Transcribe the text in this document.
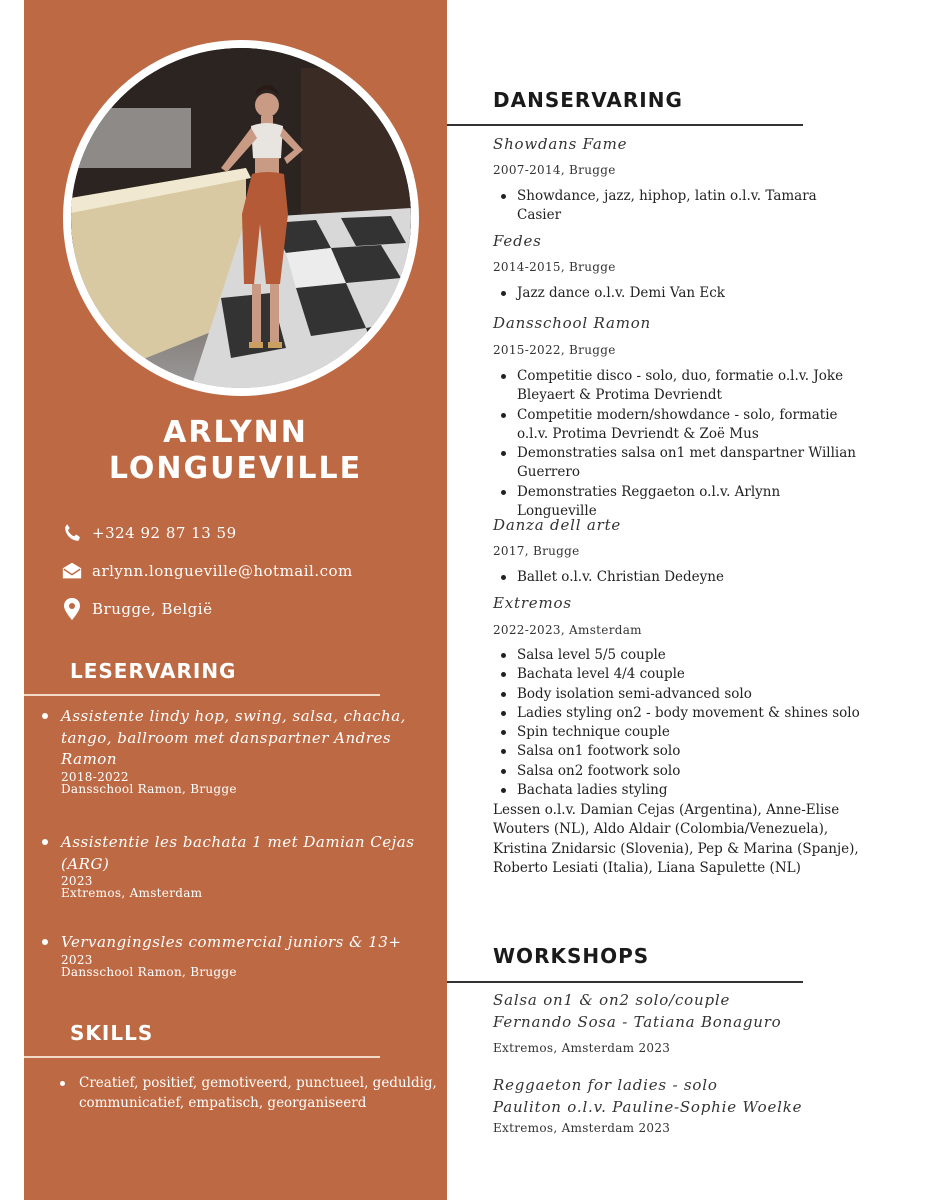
ARLYNN
LONGUEVILLE
+324 92 87 13 59
arlynn.longueville@hotmail.com
Brugge, België
LESERVARING
Assistente lindy hop, swing, salsa, chacha, tango, ballroom met danspartner Andres Ramon
2018-2022
Dansschool Ramon, Brugge
Assistentie les bachata 1 met Damian Cejas (ARG)
2023
Extremos, Amsterdam
Vervangingsles commercial juniors & 13+
2023
Dansschool Ramon, Brugge
SKILLS
Creatief, positief, gemotiveerd, punctueel, geduldig, communicatief, empatisch, georganiseerd
DANSERVARING
Showdans Fame
2007-2014, Brugge
Showdance, jazz, hiphop, latin o.l.v. Tamara Casier
Fedes
2014-2015, Brugge
Jazz dance o.l.v. Demi Van Eck
Dansschool Ramon
2015-2022, Brugge
Competitie disco - solo, duo, formatie o.l.v. Joke Bleyaert & Protima Devriendt
Competitie modern/showdance - solo, formatie o.l.v. Protima Devriendt & Zoë Mus
Demonstraties salsa on1 met danspartner Willian Guerrero
Demonstraties Reggaeton o.l.v. Arlynn Longueville
Danza dell arte
2017, Brugge
Ballet o.l.v. Christian Dedeyne
Extremos
2022-2023, Amsterdam
Salsa level 5/5 couple
Bachata level 4/4 couple
Body isolation semi-advanced solo
Ladies styling on2 - body movement & shines solo
Spin technique couple
Salsa on1 footwork solo
Salsa on2 footwork solo
Bachata ladies styling
Lessen o.l.v. Damian Cejas (Argentina), Anne-Elise Wouters (NL), Aldo Aldair (Colombia/Venezuela), Kristina Znidarsic (Slovenia), Pep & Marina (Spanje), Roberto Lesiati (Italia), Liana Sapulette (NL)
WORKSHOPS
Salsa on1 & on2 solo/couple
Fernando Sosa - Tatiana Bonaguro
Extremos, Amsterdam 2023
Reggaeton for ladies - solo
Pauliton o.l.v. Pauline-Sophie Woelke
Extremos, Amsterdam 2023
